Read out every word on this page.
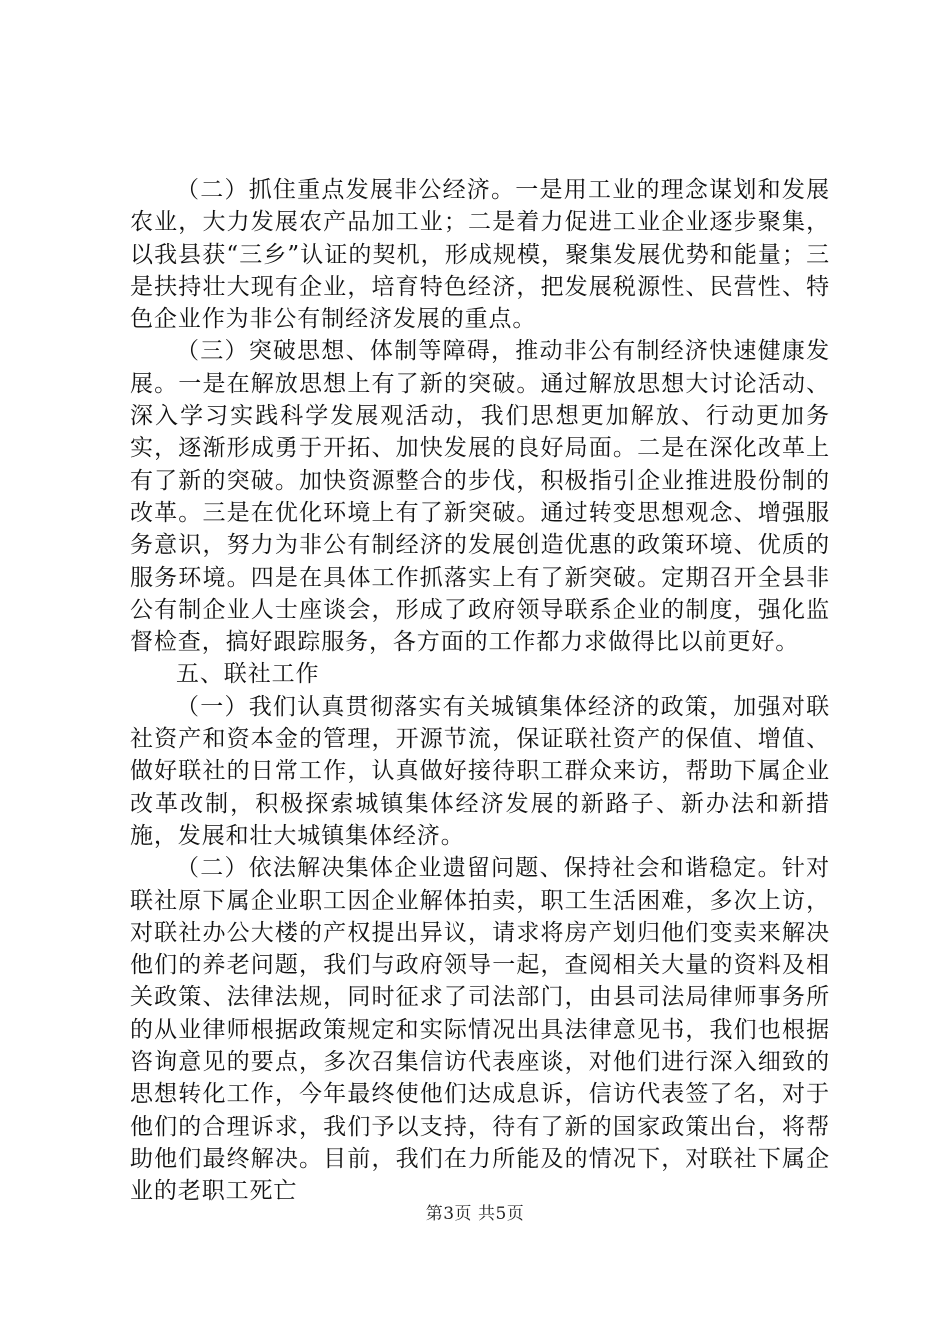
（二）抓住重点发展非公经济。一是用工业的理念谋划和发展农业，大力发展农产品加工业；二是着力促进工业企业逐步聚集，以我县获“三乡”认证的契机，形成规模，聚集发展优势和能量；三是扶持壮大现有企业，培育特色经济，把发展税源性、民营性、特色企业作为非公有制经济发展的重点。

（三）突破思想、体制等障碍，推动非公有制经济快速健康发展。一是在解放思想上有了新的突破。通过解放思想大讨论活动、深入学习实践科学发展观活动，我们思想更加解放、行动更加务实，逐渐形成勇于开拓、加快发展的良好局面。二是在深化改革上有了新的突破。加快资源整合的步伐，积极指引企业推进股份制的改革。三是在优化环境上有了新突破。通过转变思想观念、增强服务意识，努力为非公有制经济的发展创造优惠的政策环境、优质的服务环境。四是在具体工作抓落实上有了新突破。定期召开全县非公有制企业人士座谈会，形成了政府领导联系企业的制度，强化监督检查，搞好跟踪服务，各方面的工作都力求做得比以前更好。

五、联社工作

（一）我们认真贯彻落实有关城镇集体经济的政策，加强对联社资产和资本金的管理，开源节流，保证联社资产的保值、增值、做好联社的日常工作，认真做好接待职工群众来访，帮助下属企业改革改制，积极探索城镇集体经济发展的新路子、新办法和新措施，发展和壮大城镇集体经济。

（二）依法解决集体企业遗留问题、保持社会和谐稳定。针对联社原下属企业职工因企业解体拍卖，职工生活困难，多次上访，对联社办公大楼的产权提出异议，请求将房产划归他们变卖来解决他们的养老问题，我们与政府领导一起，查阅相关大量的资料及相关政策、法律法规，同时征求了司法部门，由县司法局律师事务所的从业律师根据政策规定和实际情况出具法律意见书，我们也根据咨询意见的要点，多次召集信访代表座谈，对他们进行深入细致的思想转化工作，今年最终使他们达成息诉，信访代表签了名，对于他们的合理诉求，我们予以支持，待有了新的国家政策出台，将帮助他们最终解决。目前，我们在力所能及的情况下，对联社下属企业的老职工死亡

第3页 共5页
